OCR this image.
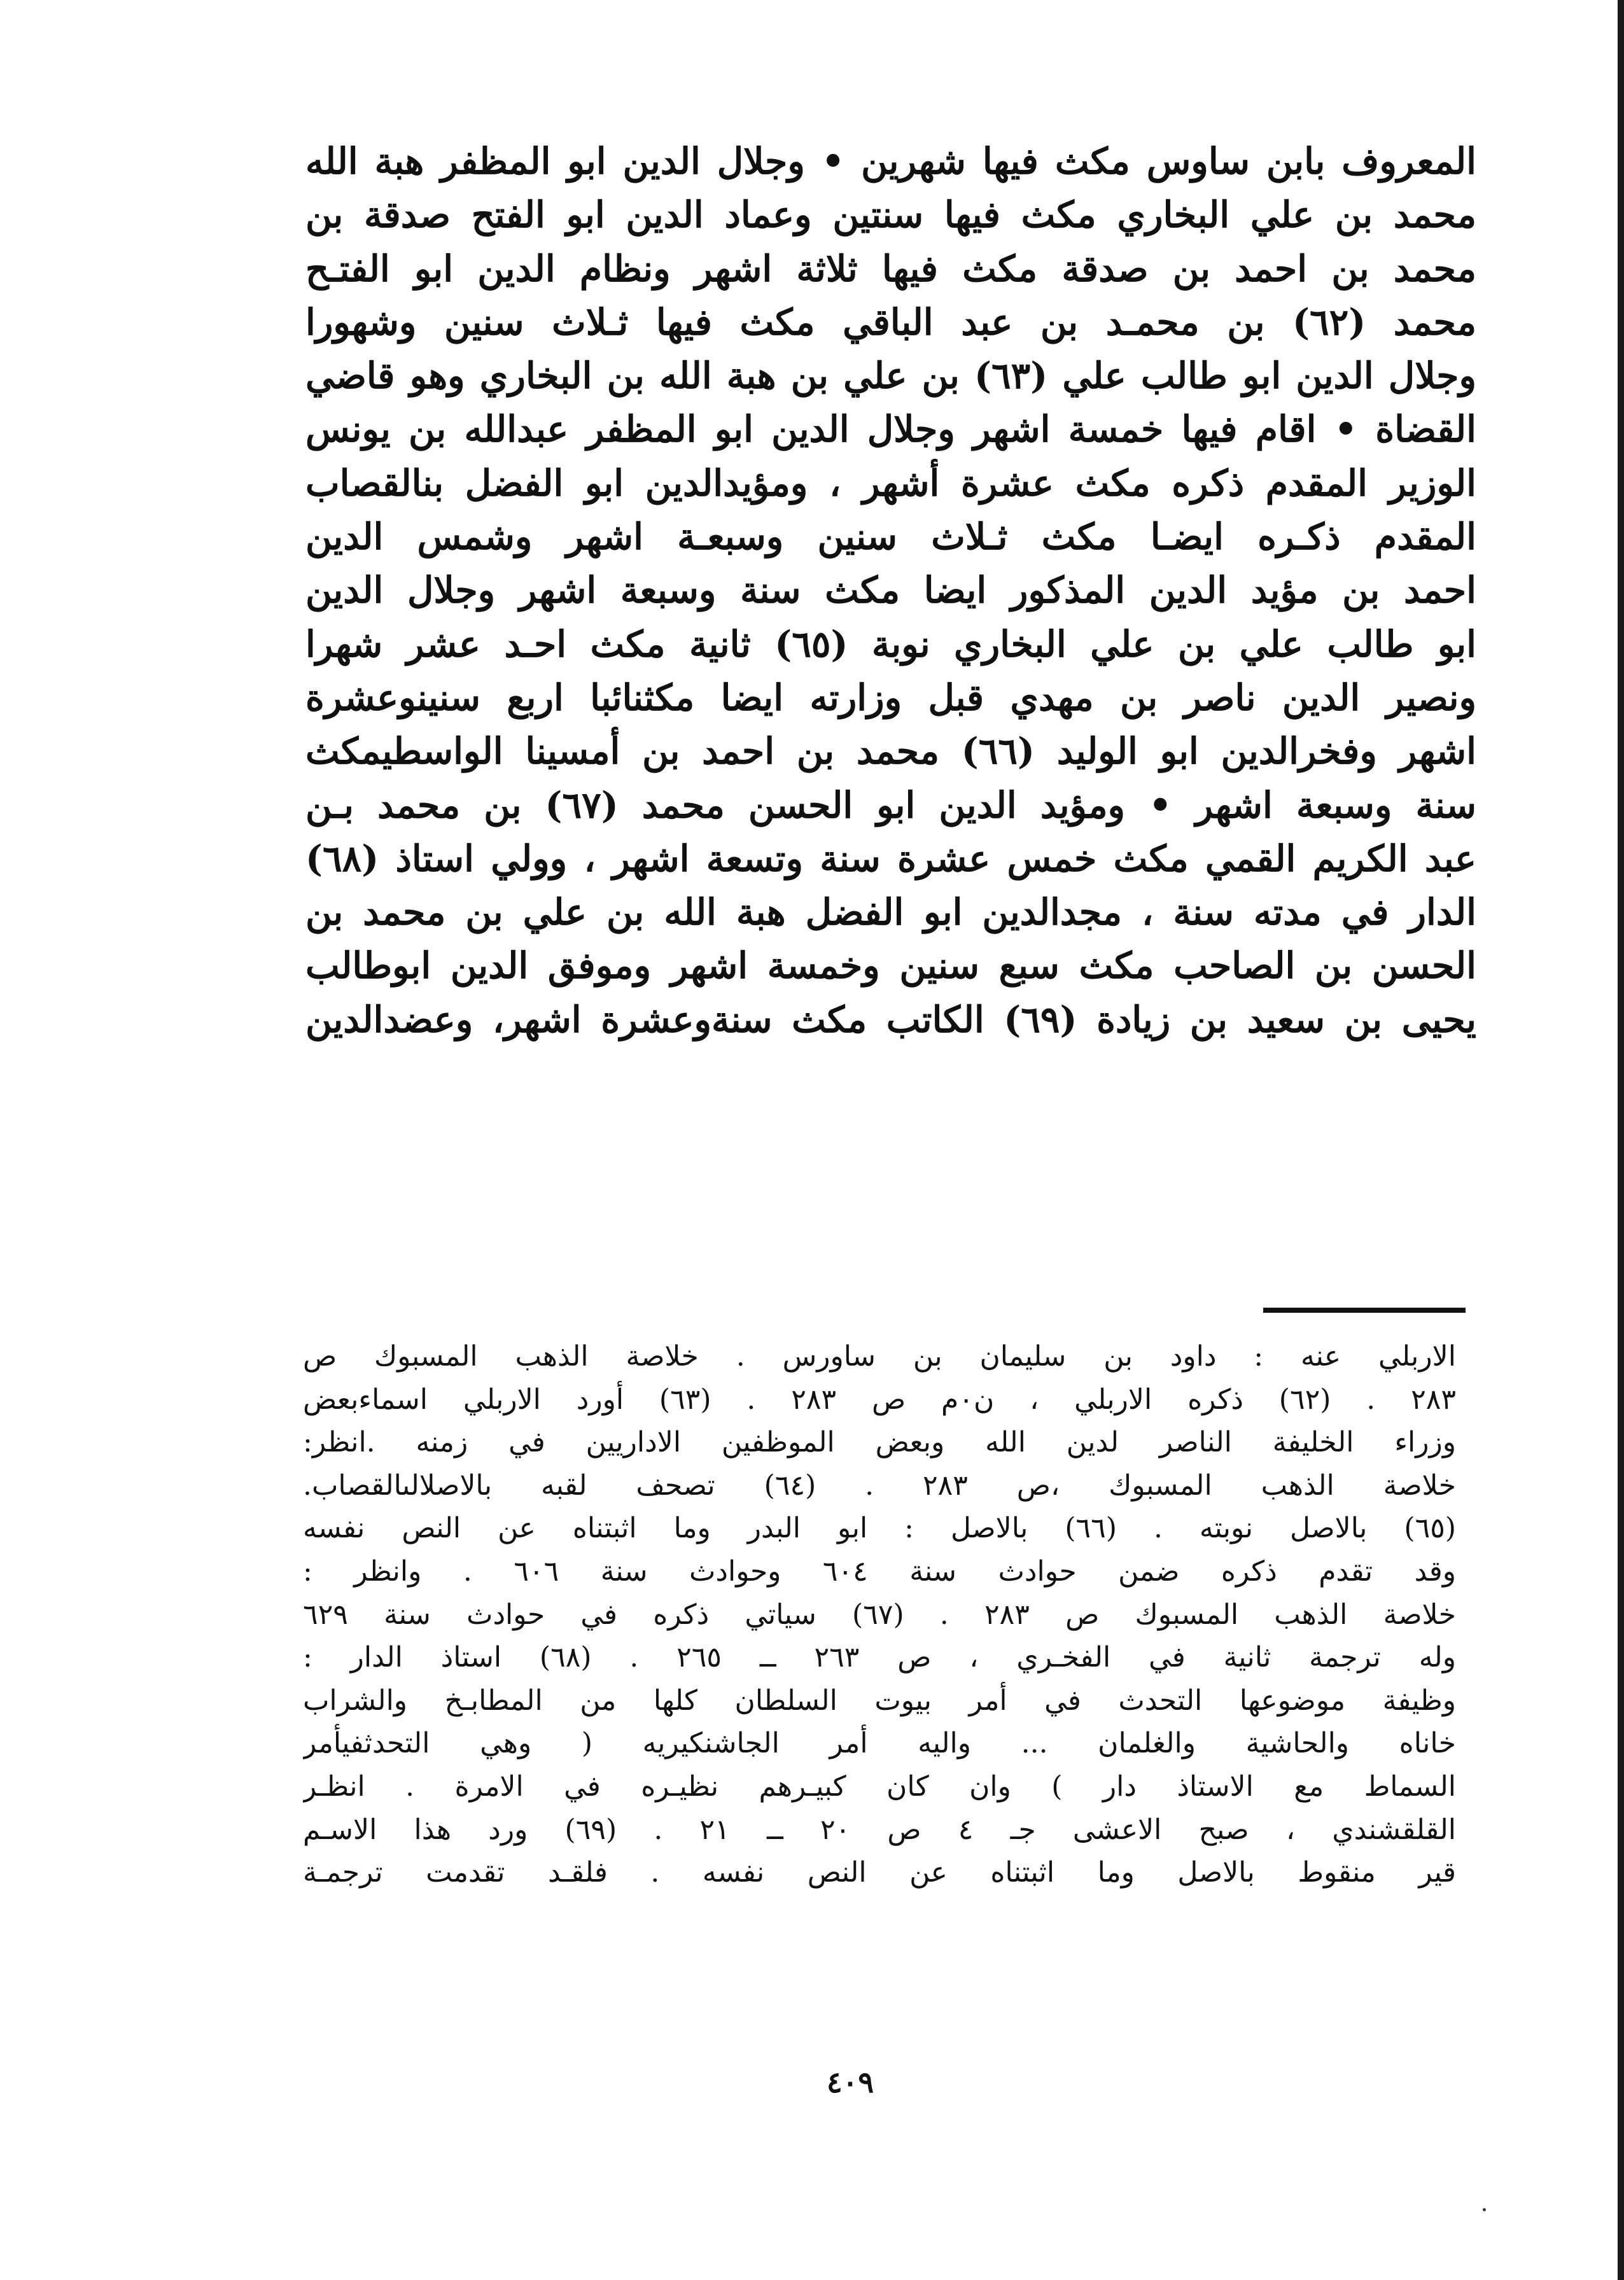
المعروف بابن ساوس مكث فيها شهرين • وجلال الدين ابو المظفر هبة الله
محمد بن علي البخاري مكث فيها سنتين وعماد الدين ابو الفتح صدقة بن
محمد بن احمد بن صدقة مكث فيها ثلاثة اشهر ونظام الدين ابو الفتـح
محمد (٦٢) بن محمـد بن عبد الباقي مكث فيها ثـلاث سنين وشهورا
وجلال الدين ابو طالب علي (٦٣) بن علي بن هبة الله بن البخاري وهو قاضي
القضاة • اقام فيها خمسة اشهر وجلال الدين ابو المظفر عبدالله بن يونس
الوزير المقدم ذكره مكث عشرة أشهر ، ومؤيدالدين ابو الفضل بنالقصاب
المقدم ذكـره ايضـا مكث ثـلاث سنين وسبعـة اشهر وشمس الدين
احمد بن مؤيد الدين المذكور ايضا مكث سنة وسبعة اشهر وجلال الدين
ابو طالب علي بن علي البخاري نوبة (٦٥) ثانية مكث احـد عشر شهرا
ونصير الدين ناصر بن مهدي قبل وزارته ايضا مكثنائبا اربع سنينوعشرة
اشهر وفخرالدين ابو الوليد (٦٦) محمد بن احمد بن أمسينا الواسطيمكث
سنة وسبعة اشهر • ومؤيد الدين ابو الحسن محمد (٦٧) بن محمد بـن
عبد الكريم القمي مكث خمس عشرة سنة وتسعة اشهر ، وولي استاذ (٦٨)
الدار في مدته سنة ، مجدالدين ابو الفضل هبة الله بن علي بن محمد بن
الحسن بن الصاحب مكث سبع سنين وخمسة اشهر وموفق الدين ابوطالب
يحيى بن سعيد بن زيادة (٦٩) الكاتب مكث سنةوعشرة اشهر، وعضدالدين
الاربلي عنه : داود بن سليمان بن ساورس . خلاصة الذهب المسبوك ص
٢٨٣ . (٦٢) ذكره الاربلي ، ن٠م ص ٢٨٣ . (٦٣) أورد الاربلي اسماءبعض
وزراء الخليفة الناصر لدين الله وبعض الموظفين الاداريين في زمنه .انظر:
خلاصة الذهب المسبوك ،ص ٢٨٣ . (٦٤) تصحف لقبه بالاصلالىالقصاب.
(٦٥) بالاصل نوبته . (٦٦) بالاصل : ابو البدر وما اثبتناه عن النص نفسه
وقد تقدم ذكره ضمن حوادث سنة ٦٠٤ وحوادث سنة ٦٠٦ . وانظر :
خلاصة الذهب المسبوك ص ٢٨٣ . (٦٧) سياتي ذكره في حوادث سنة ٦٢٩
وله ترجمة ثانية في الفخـري ، ص ٢٦٣ ــ ٢٦٥ . (٦٨) استاذ الدار :
وظيفة موضوعها التحدث في أمر بيوت السلطان كلها من المطابـخ والشراب
خاناه والحاشية والغلمان ... واليه أمر الجاشنكيريه ( وهي التحدثفيأمر
السماط مع الاستاذ دار ) وان كان كبيـرهم نظيـره في الامرة . انظـر
القلقشندي ، صبح الاعشى جـ ٤ ص ٢٠ ــ ٢١ . (٦٩) ورد هذا الاسـم
قير منقوط بالاصل وما اثبتناه عن النص نفسه . فلقـد تقدمت ترجمـة
٤٠٩
